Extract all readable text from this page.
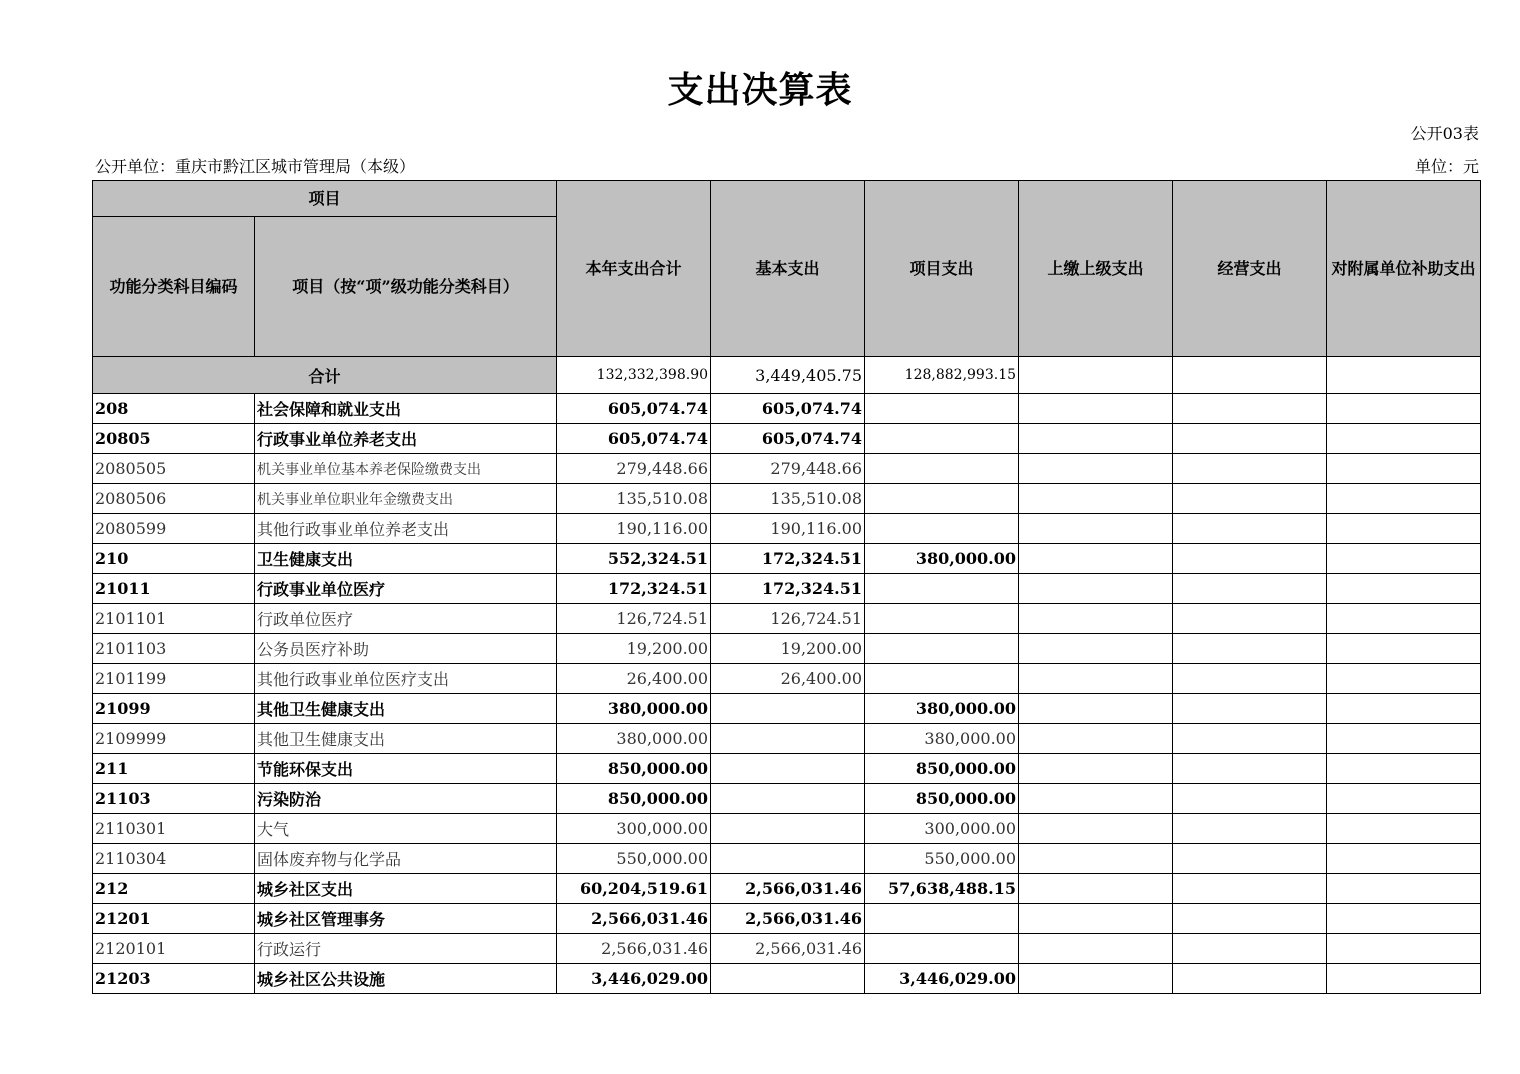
支出决算表
公开03表
公开单位：重庆市黔江区城市管理局（本级）	单位：元
项目		本年支出合计	基本支出	项目支出	上缴上级支出	经营支出	对附属单位补助支出
功能分类科目编码	项目（按“项”级功能分类科目）						
合计		132,332,398.90	3,449,405.75	128,882,993.15			
208	社会保障和就业支出	605,074.74	605,074.74				
20805	行政事业单位养老支出	605,074.74	605,074.74				
2080505	机关事业单位基本养老保险缴费支出	279,448.66	279,448.66				
2080506	机关事业单位职业年金缴费支出	135,510.08	135,510.08				
2080599	其他行政事业单位养老支出	190,116.00	190,116.00				
210	卫生健康支出	552,324.51	172,324.51	380,000.00			
21011	行政事业单位医疗	172,324.51	172,324.51				
2101101	行政单位医疗	126,724.51	126,724.51				
2101103	公务员医疗补助	19,200.00	19,200.00				
2101199	其他行政事业单位医疗支出	26,400.00	26,400.00				
21099	其他卫生健康支出	380,000.00		380,000.00			
2109999	其他卫生健康支出	380,000.00		380,000.00			
211	节能环保支出	850,000.00		850,000.00			
21103	污染防治	850,000.00		850,000.00			
2110301	大气	300,000.00		300,000.00			
2110304	固体废弃物与化学品	550,000.00		550,000.00			
212	城乡社区支出	60,204,519.61	2,566,031.46	57,638,488.15			
21201	城乡社区管理事务	2,566,031.46	2,566,031.46				
2120101	行政运行	2,566,031.46	2,566,031.46				
21203	城乡社区公共设施	3,446,029.00		3,446,029.00			
